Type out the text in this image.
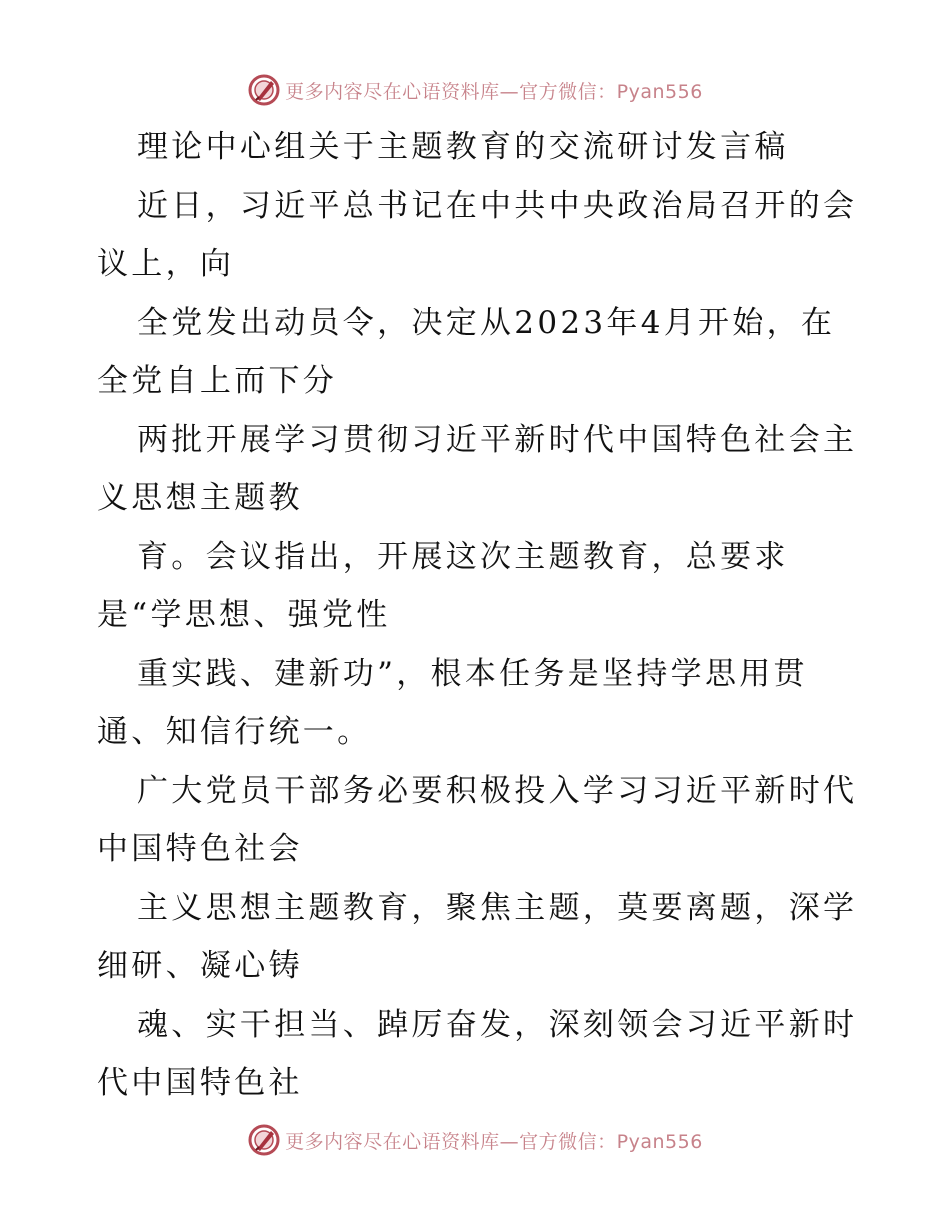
更多内容尽在心语资料库—官方微信：Pyan556
理论中心组关于主题教育的交流研讨发言稿
近日，习近平总书记在中共中央政治局召开的会
议上，向
全党发出动员令，决定从2023年4月开始，在
全党自上而下分
两批开展学习贯彻习近平新时代中国特色社会主
义思想主题教
育。会议指出，开展这次主题教育，总要求
是“学思想、强党性
重实践、建新功”，根本任务是坚持学思用贯
通、知信行统一。
广大党员干部务必要积极投入学习习近平新时代
中国特色社会
主义思想主题教育，聚焦主题，莫要离题，深学
细研、凝心铸
魂、实干担当、踔厉奋发，深刻领会习近平新时
代中国特色社
更多内容尽在心语资料库—官方微信：Pyan556
